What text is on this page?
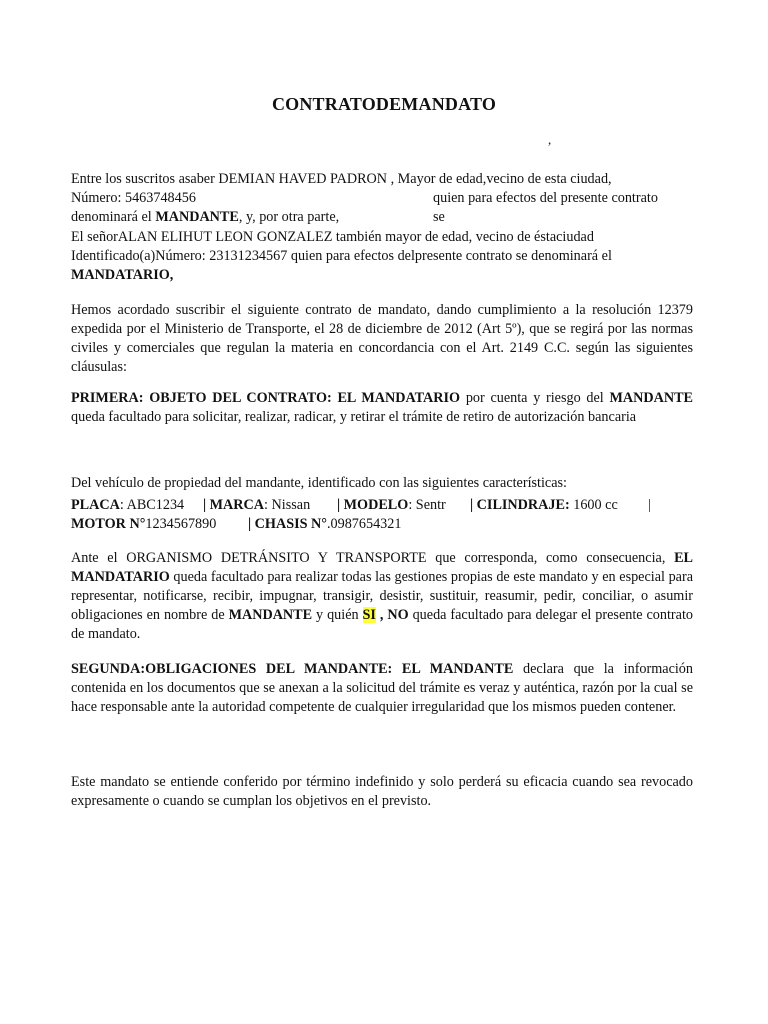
CONTRATODEMANDATO
,
Entre los suscritos asaber DEMIAN HAVED PADRON , Mayor de edad,vecino de esta ciudad,
Número: 5463748456	quien para efectos del presente contrato
denominará el MANDANTE, y, por otra parte,	se
El señorALAN ELIHUT LEON GONZALEZ también mayor de edad, vecino de éstaciudad
Identificado(a)Número: 23131234567 quien para efectos delpresente contrato se denominará el
MANDATARIO,
Hemos acordado suscribir el siguiente contrato de mandato, dando cumplimiento a la resolución 12379 expedida por el Ministerio de Transporte, el 28 de diciembre de 2012 (Art 5º), que se regirá por las normas civiles y comerciales que regulan la materia en concordancia con el Art. 2149 C.C. según las siguientes cláusulas:
PRIMERA: OBJETO DEL CONTRATO: EL MANDATARIO por cuenta y riesgo del MANDANTE queda facultado para solicitar, realizar, radicar, y retirar el trámite de retiro de autorización bancaria
Del vehículo de propiedad del mandante, identificado con las siguientes características:
PLACA: ABC1234 | MARCA: Nissan | MODELO: Sentr | CILINDRAJE: 1600 cc |
MOTOR N°1234567890 | CHASIS N°.0987654321
Ante el ORGANISMO DETRÁNSITO Y TRANSPORTE que corresponda, como consecuencia, EL MANDATARIO queda facultado para realizar todas las gestiones propias de este mandato y en especial para representar, notificarse, recibir, impugnar, transigir, desistir, sustituir, reasumir, pedir, conciliar, o asumir obligaciones en nombre de MANDANTE y quién SI , NO queda facultado para delegar el presente contrato de mandato.
SEGUNDA:OBLIGACIONES DEL MANDANTE: EL MANDANTE declara que la información contenida en los documentos que se anexan a la solicitud del trámite es veraz y auténtica, razón por la cual se hace responsable ante la autoridad competente de cualquier irregularidad que los mismos pueden contener.
Este mandato se entiende conferido por término indefinido y solo perderá su eficacia cuando sea revocado expresamente o cuando se cumplan los objetivos en el previsto.
